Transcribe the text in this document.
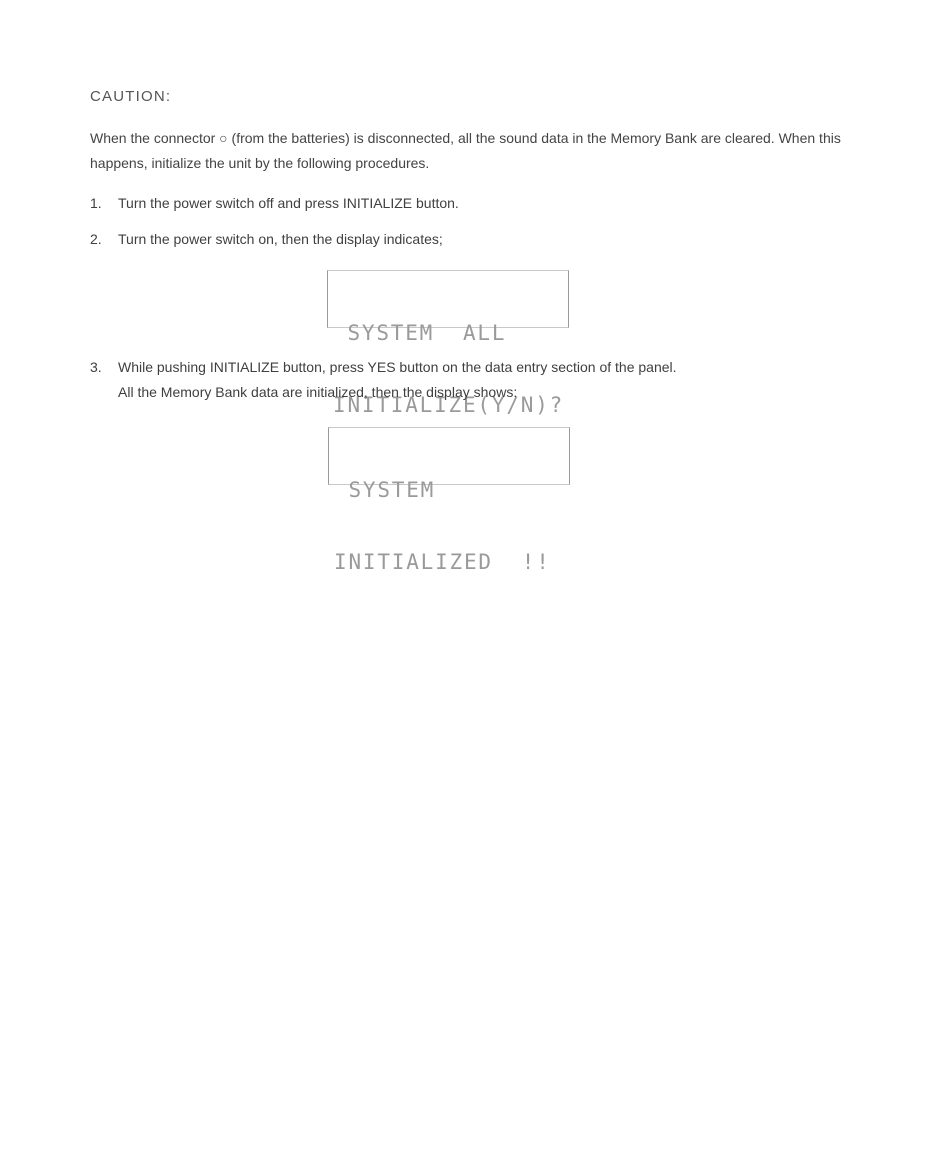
CAUTION:

When the connector ○ (from the batteries) is disconnected, all the sound data in the Memory Bank are cleared. When this happens, initialize the unit by the following procedures.

1. Turn the power switch off and press INITIALIZE button.
2. Turn the power switch on, then the display indicates;

SYSTEM  ALL

INITIALIZE(Y/N)?

3. While pushing INITIALIZE button, press YES button on the data entry section of the panel.
All the Memory Bank data are initialized, then the display shows:

SYSTEM

INITIALIZED  !!
